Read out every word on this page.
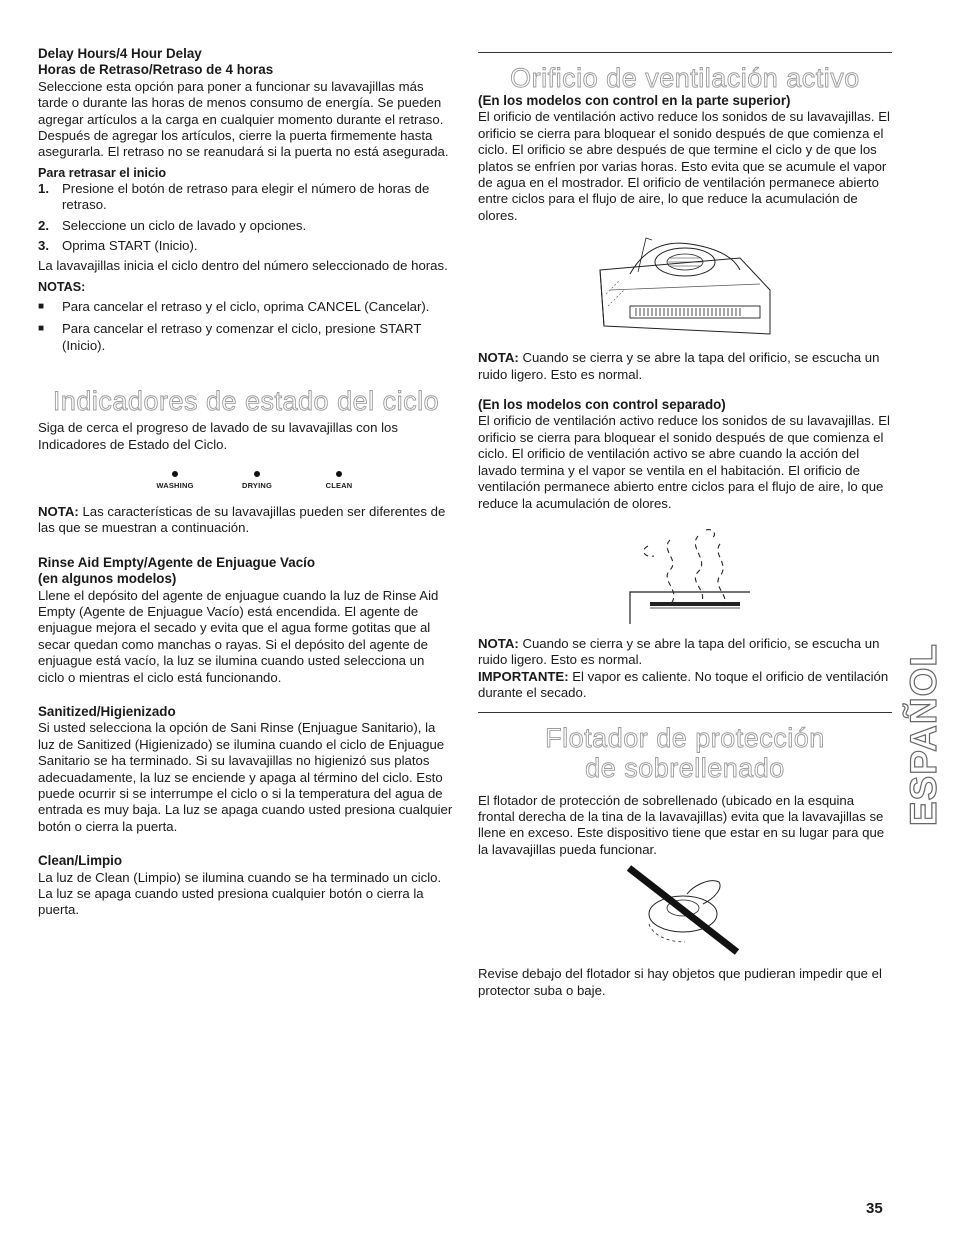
Delay Hours/4 Hour Delay
Horas de Retraso/Retraso de 4 horas

Seleccione esta opción para poner a funcionar su lavavajillas más tarde o durante las horas de menos consumo de energía. Se pueden agregar artículos a la carga en cualquier momento durante el retraso. Después de agregar los artículos, cierre la puerta firmemente hasta asegurarla. El retraso no se reanudará si la puerta no está asegurada.

Para retrasar el inicio
1. Presione el botón de retraso para elegir el número de horas de retraso.
2. Seleccione un ciclo de lavado y opciones.
3. Oprima START (Inicio).

La lavavajillas inicia el ciclo dentro del número seleccionado de horas.

NOTAS:
■	Para cancelar el retraso y el ciclo, oprima CANCEL (Cancelar).
■	Para cancelar el retraso y comenzar el ciclo, presione START (Inicio).
Indicadores de estado del ciclo

Siga de cerca el progreso de lavado de su lavavajillas con los Indicadores de Estado del Ciclo.

WASHING	DRYING	CLEAN

NOTA: Las características de su lavavajillas pueden ser diferentes de las que se muestran a continuación.

Rinse Aid Empty/Agente de Enjuague Vacío
(en algunos modelos)

Llene el depósito del agente de enjuague cuando la luz de Rinse Aid Empty (Agente de Enjuague Vacío) está encendida. El agente de enjuague mejora el secado y evita que el agua forme gotitas que al secar quedan como manchas o rayas. Si el depósito del agente de enjuague está vacío, la luz se ilumina cuando usted selecciona un ciclo o mientras el ciclo está funcionando.

Sanitized/Higienizado

Si usted selecciona la opción de Sani Rinse (Enjuague Sanitario), la luz de Sanitized (Higienizado) se ilumina cuando el ciclo de Enjuague Sanitario se ha terminado. Si su lavavajillas no higienizó sus platos adecuadamente, la luz se enciende y apaga al término del ciclo. Esto puede ocurrir si se interrumpe el ciclo o si la temperatura del agua de entrada es muy baja. La luz se apaga cuando usted presiona cualquier botón o cierra la puerta.

Clean/Limpio

La luz de Clean (Limpio) se ilumina cuando se ha terminado un ciclo. La luz se apaga cuando usted presiona cualquier botón o cierra la puerta.

Orificio de ventilación activo
(En los modelos con control en la parte superior)

El orificio de ventilación activo reduce los sonidos de su lavavajillas. El orificio se cierra para bloquear el sonido después de que comienza el ciclo. El orificio se abre después de que termine el ciclo y de que los platos se enfríen por varias horas. Esto evita que se acumule el vapor de agua en el mostrador. El orificio de ventilación permanece abierto entre ciclos para el flujo de aire, lo que reduce la acumulación de olores.

NOTA: Cuando se cierra y se abre la tapa del orificio, se escucha un ruido ligero. Esto es normal.

(En los modelos con control separado)

El orificio de ventilación activo reduce los sonidos de su lavavajillas. El orificio se cierra para bloquear el sonido después de que comienza el ciclo. El orificio de ventilación activo se abre cuando la acción del lavado termina y el vapor se ventila en el habitación. El orificio de ventilación permanece abierto entre ciclos para el flujo de aire, lo que reduce la acumulación de olores.

NOTA: Cuando se cierra y se abre la tapa del orificio, se escucha un ruido ligero. Esto es normal.

IMPORTANTE: El vapor es caliente. No toque el orificio de ventilación durante el secado.

Flotador de protección
de sobrellenado

El flotador de protección de sobrellenado (ubicado en la esquina frontal derecha de la tina de la lavavajillas) evita que la lavavajillas se llene en exceso. Este dispositivo tiene que estar en su lugar para que la lavavajillas pueda funcionar.

Revise debajo del flotador si hay objetos que pudieran impedir que el protector suba o baje.

ESPAÑOL
35
